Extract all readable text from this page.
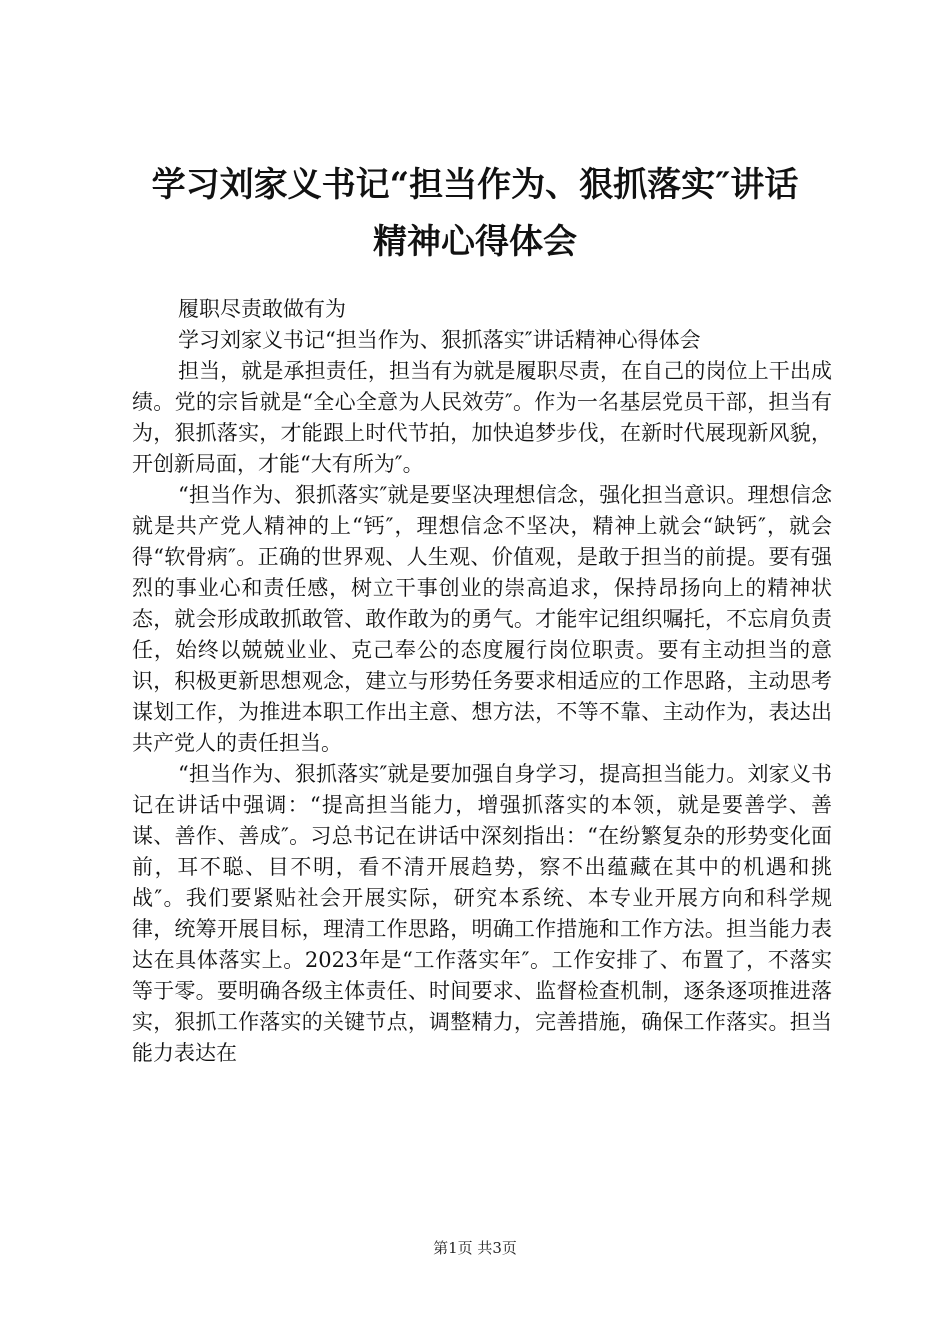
学习刘家义书记“担当作为、狠抓落实″讲话
精神心得体会

履职尽责敢做有为

学习刘家义书记“担当作为、狠抓落实″讲话精神心得体会

担当，就是承担责任，担当有为就是履职尽责，在自己的岗位上干出成绩。党的宗旨就是“全心全意为人民效劳″。作为一名基层党员干部，担当有为，狠抓落实，才能跟上时代节拍，加快追梦步伐，在新时代展现新风貌，开创新局面，才能“大有所为″。

“担当作为、狠抓落实″就是要坚决理想信念，强化担当意识。理想信念就是共产党人精神的上“钙″，理想信念不坚决，精神上就会“缺钙″，就会得“软骨病″。正确的世界观、人生观、价值观，是敢于担当的前提。要有强烈的事业心和责任感，树立干事创业的崇高追求，保持昂扬向上的精神状态，就会形成敢抓敢管、敢作敢为的勇气。才能牢记组织嘱托，不忘肩负责任，始终以兢兢业业、克己奉公的态度履行岗位职责。要有主动担当的意识，积极更新思想观念，建立与形势任务要求相适应的工作思路，主动思考谋划工作，为推进本职工作出主意、想方法，不等不靠、主动作为，表达出共产党人的责任担当。

“担当作为、狠抓落实″就是要加强自身学习，提高担当能力。刘家义书记在讲话中强调：“提高担当能力，增强抓落实的本领，就是要善学、善谋、善作、善成″。习总书记在讲话中深刻指出：“在纷繁复杂的形势变化面前，耳不聪、目不明，看不清开展趋势，察不出蕴藏在其中的机遇和挑战″。我们要紧贴社会开展实际，研究本系统、本专业开展方向和科学规律，统筹开展目标，理清工作思路，明确工作措施和工作方法。担当能力表达在具体落实上。2023年是“工作落实年″。工作安排了、布置了，不落实等于零。要明确各级主体责任、时间要求、监督检查机制，逐条逐项推进落实，狠抓工作落实的关键节点，调整精力，完善措施，确保工作落实。担当能力表达在

第1页 共3页
